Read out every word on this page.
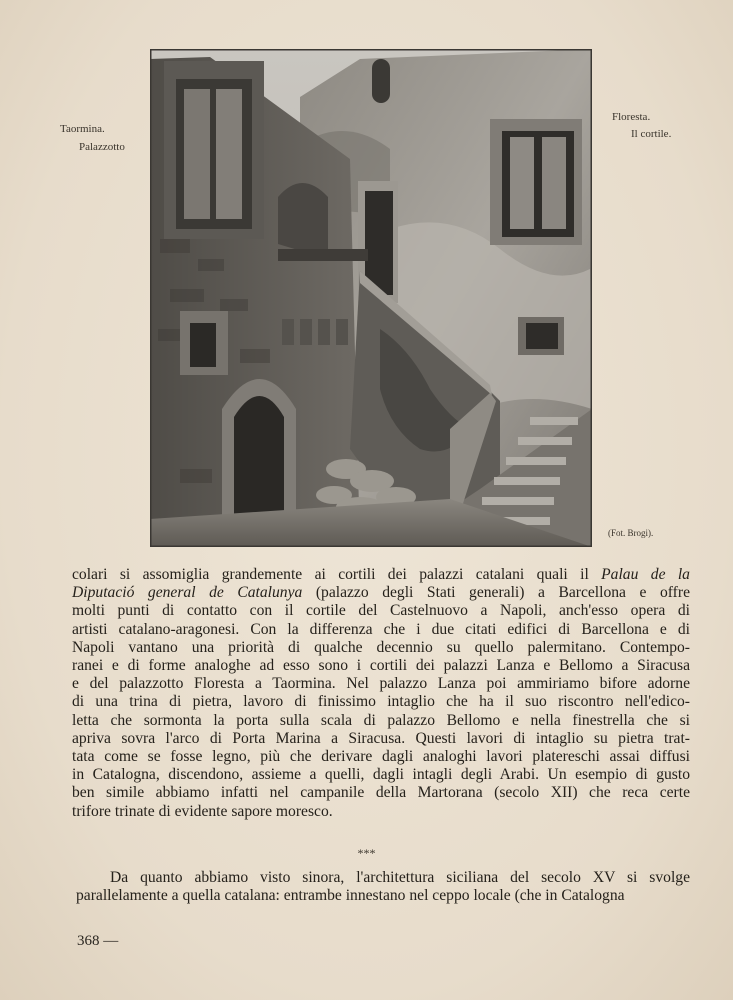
Taormina.
Palazzotto
Floresta.
Il cortile.
(Fot. Brogi).
colari si assomiglia grandemente ai cortili dei palazzi catalani quali il Palau de la
Diputació general de Catalunya (palazzo degli Stati generali) a Barcellona e offre
molti punti di contatto con il cortile del Castelnuovo a Napoli, anch'esso opera di
artisti catalano-aragonesi. Con la differenza che i due citati edifici di Barcellona e di
Napoli vantano una priorità di qualche decennio su quello palermitano. Contempo-
ranei e di forme analoghe ad esso sono i cortili dei palazzi Lanza e Bellomo a Siracusa
e del palazzotto Floresta a Taormina. Nel palazzo Lanza poi ammiriamo bifore adorne
di una trina di pietra, lavoro di finissimo intaglio che ha il suo riscontro nell'edico-
letta che sormonta la porta sulla scala di palazzo Bellomo e nella finestrella che si
apriva sovra l'arco di Porta Marina a Siracusa. Questi lavori di intaglio su pietra trat-
tata come se fosse legno, più che derivare dagli analoghi lavori platereschi assai diffusi
in Catalogna, discendono, assieme a quelli, dagli intagli degli Arabi. Un esempio di gusto
ben simile abbiamo infatti nel campanile della Martorana (secolo XII) che reca certe
trifore trinate di evidente sapore moresco.
***
Da quanto abbiamo visto sinora, l'architettura siciliana del secolo XV si svolge
parallelamente a quella catalana: entrambe innestano nel ceppo locale (che in Catalogna
368 —
